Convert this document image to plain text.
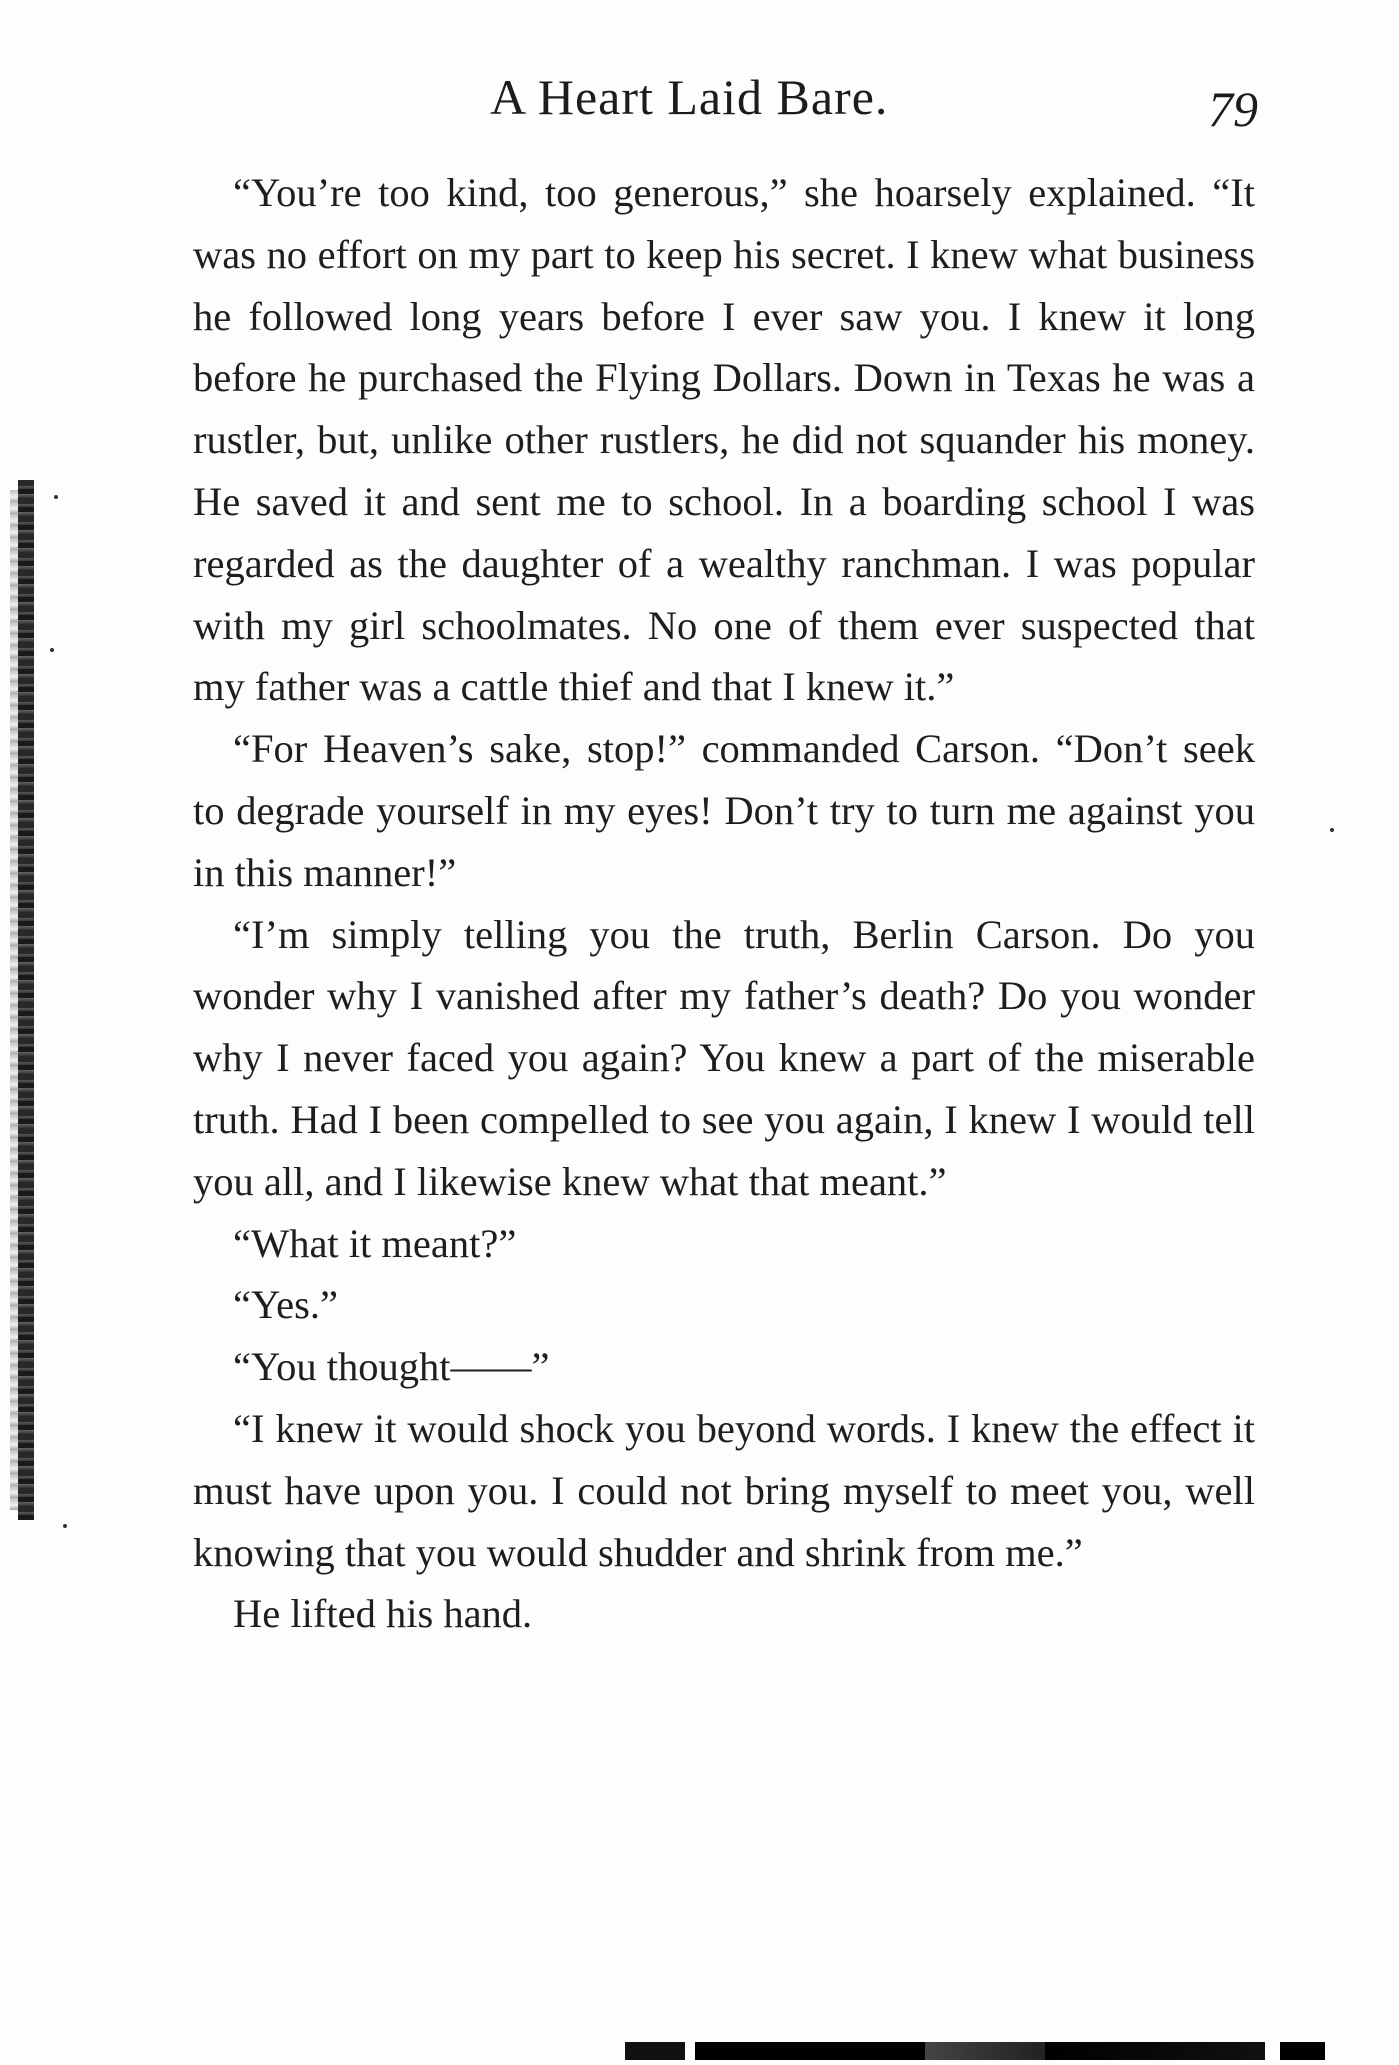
A Heart Laid Bare.	79

“You’re too kind, too generous,” she hoarsely explained. “It was no effort on my part to keep his secret. I knew what business he followed long years before I ever saw you. I knew it long before he purchased the Flying Dollars. Down in Texas he was a rustler, but, unlike other rustlers, he did not squander his money. He saved it and sent me to school. In a boarding school I was regarded as the daughter of a wealthy ranchman. I was popular with my girl schoolmates. No one of them ever suspected that my father was a cattle thief and that I knew it.”

“For Heaven’s sake, stop!” commanded Carson. “Don’t seek to degrade yourself in my eyes! Don’t try to turn me against you in this manner!”

“I’m simply telling you the truth, Berlin Carson. Do you wonder why I vanished after my father’s death? Do you wonder why I never faced you again? You knew a part of the miserable truth. Had I been compelled to see you again, I knew I would tell you all, and I likewise knew what that meant.”

“What it meant?”

“Yes.”

“You thought——”

“I knew it would shock you beyond words. I knew the effect it must have upon you. I could not bring myself to meet you, well knowing that you would shudder and shrink from me.”

He lifted his hand.
